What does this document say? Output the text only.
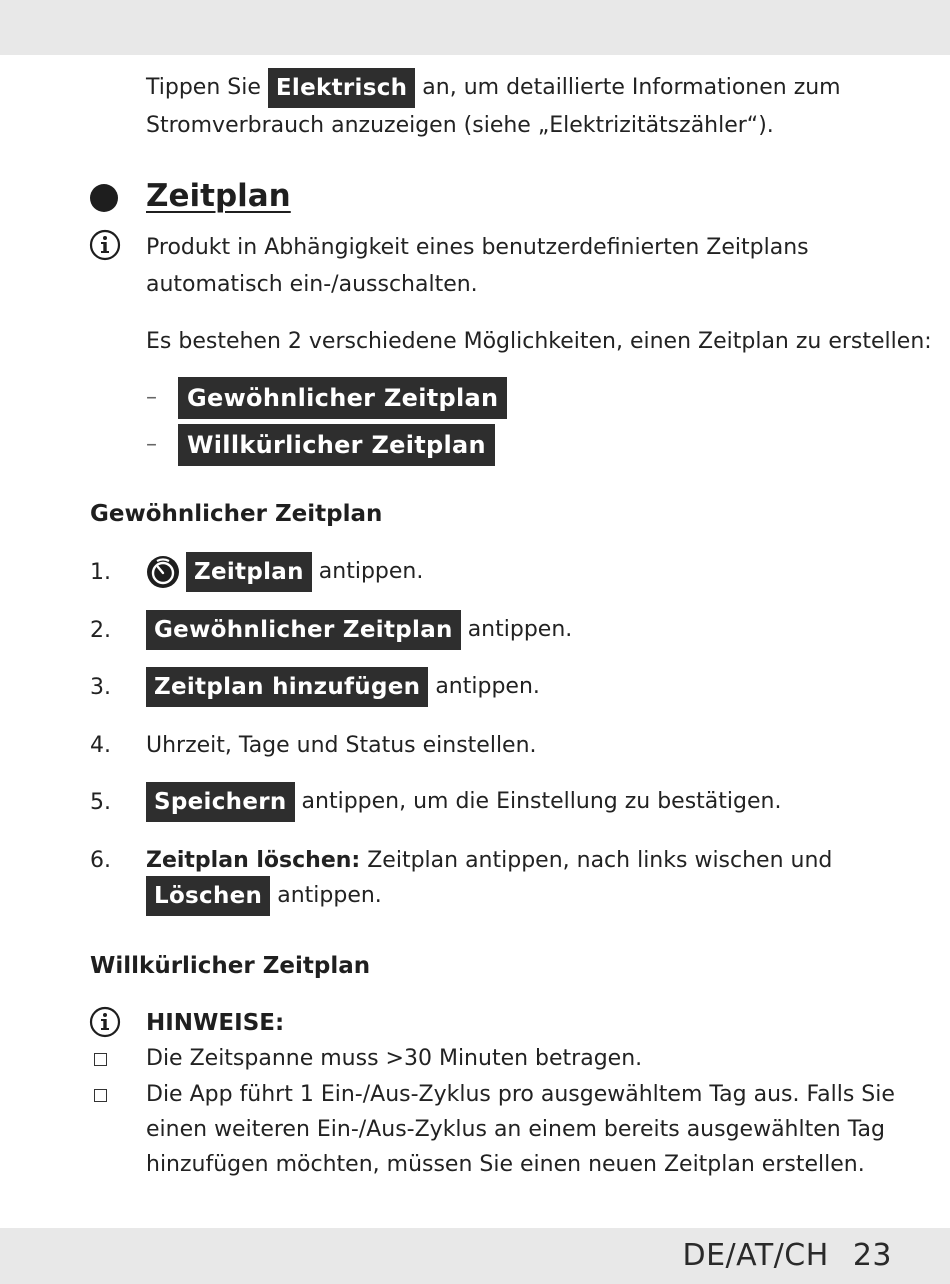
Tippen Sie Elektrisch an, um detaillierte Informationen zum
Stromverbrauch anzuzeigen (siehe „Elektrizitätszähler“).
Zeitplan
Produkt in Abhängigkeit eines benutzerdefinierten Zeitplans
automatisch ein-/ausschalten.
Es bestehen 2 verschiedene Möglichkeiten, einen Zeitplan zu erstellen:
–	Gewöhnlicher Zeitplan
–	Willkürlicher Zeitplan
Gewöhnlicher Zeitplan
1.	Zeitplan antippen.
2.	Gewöhnlicher Zeitplan antippen.
3.	Zeitplan hinzufügen antippen.
4. Uhrzeit, Tage und Status einstellen.
5.	Speichern antippen, um die Einstellung zu bestätigen.
6. Zeitplan löschen: Zeitplan antippen, nach links wischen und
Löschen antippen.
Willkürlicher Zeitplan
HINWEISE:
Die Zeitspanne muss >30 Minuten betragen.
Die App führt 1 Ein-/Aus-Zyklus pro ausgewähltem Tag aus. Falls Sie
einen weiteren Ein-/Aus-Zyklus an einem bereits ausgewählten Tag
hinzufügen möchten, müssen Sie einen neuen Zeitplan erstellen.
DE/AT/CH 23
